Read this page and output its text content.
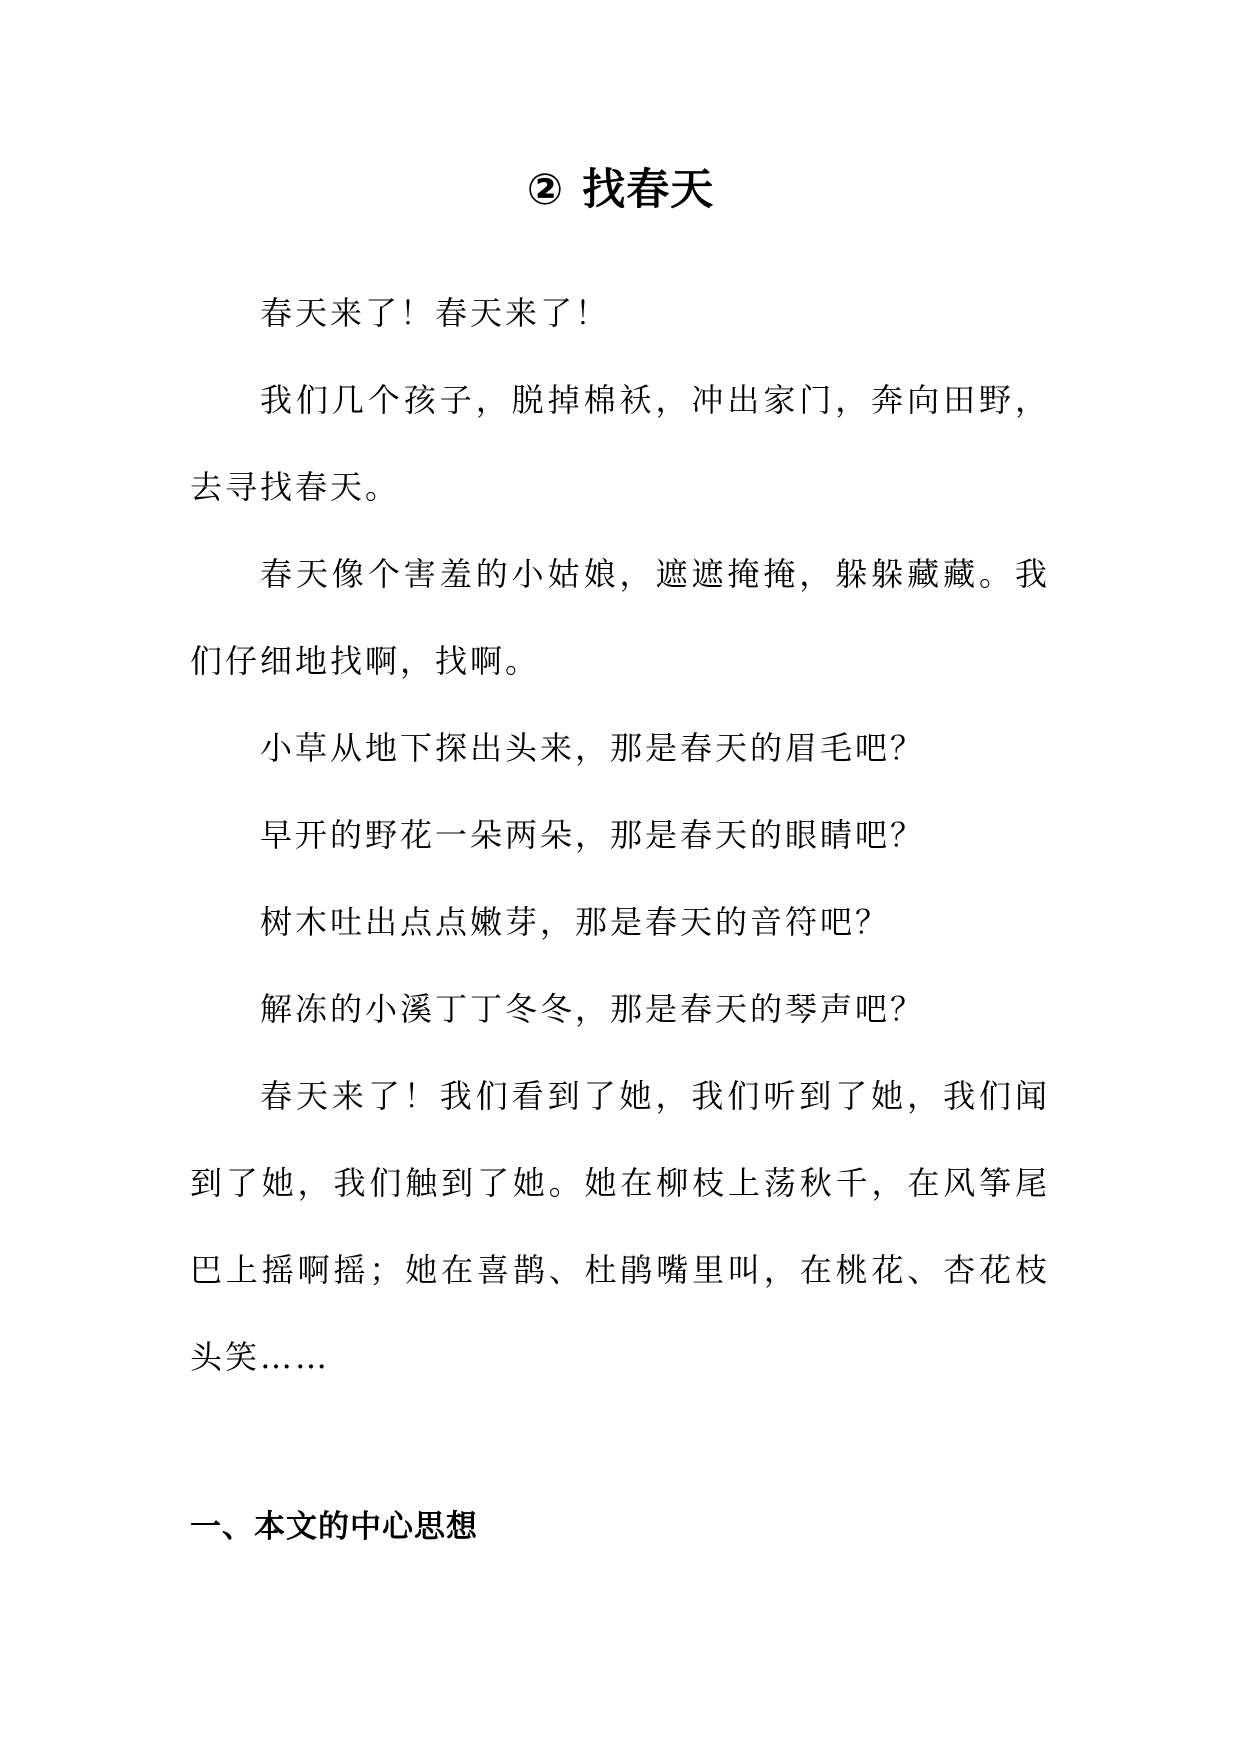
② 找春天

春天来了！春天来了！

我们几个孩子，脱掉棉袄，冲出家门，奔向田野，去寻找春天。

春天像个害羞的小姑娘，遮遮掩掩，躲躲藏藏。我们仔细地找啊，找啊。

小草从地下探出头来，那是春天的眉毛吧？

早开的野花一朵两朵，那是春天的眼睛吧？

树木吐出点点嫩芽，那是春天的音符吧？

解冻的小溪丁丁冬冬，那是春天的琴声吧？

春天来了！我们看到了她，我们听到了她，我们闻到了她，我们触到了她。她在柳枝上荡秋千，在风筝尾巴上摇啊摇；她在喜鹊、杜鹃嘴里叫，在桃花、杏花枝头笑……

一、本文的中心思想
